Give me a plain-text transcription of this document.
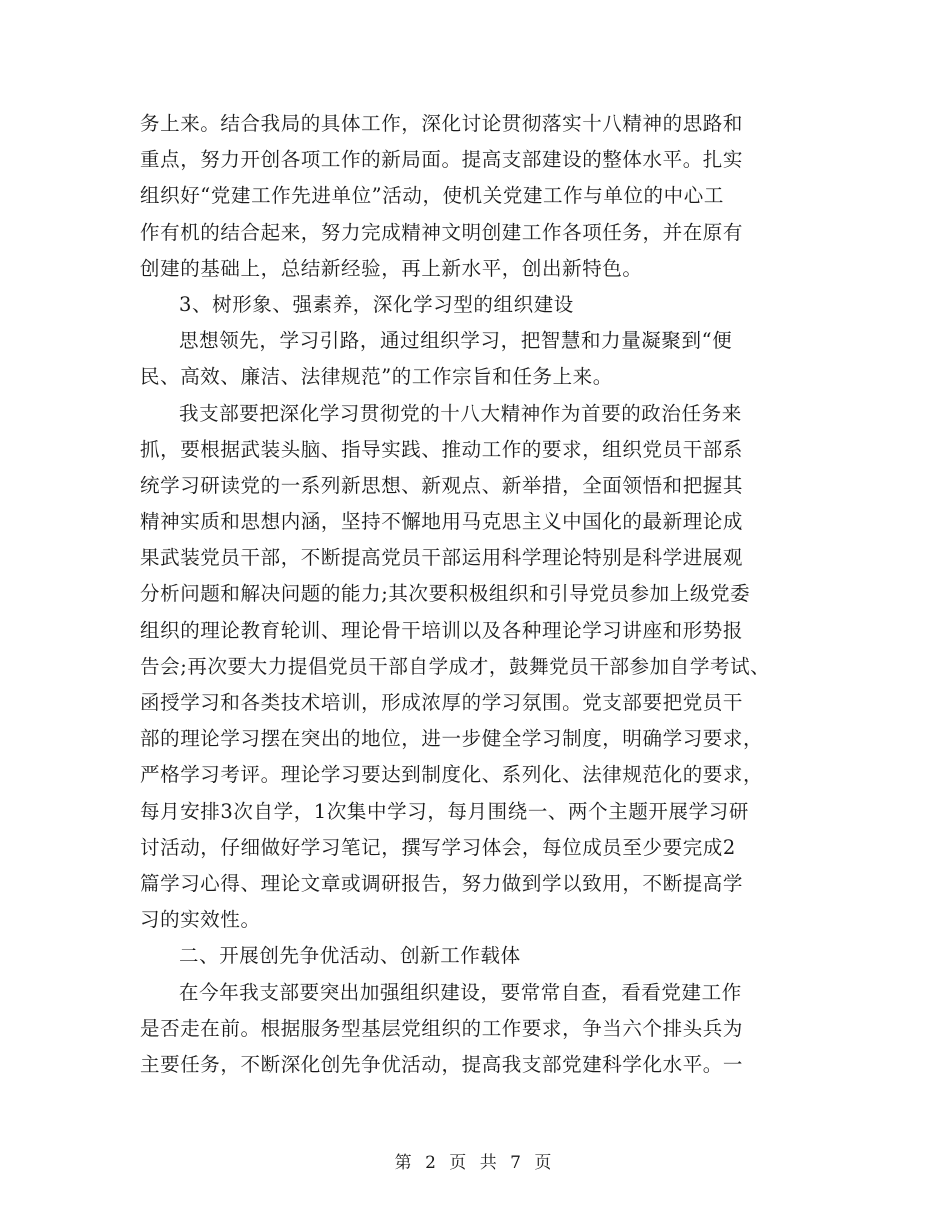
务上来。结合我局的具体工作，深化讨论贯彻落实十八精神的思路和
重点，努力开创各项工作的新局面。提高支部建设的整体水平。扎实
组织好“党建工作先进单位”活动，使机关党建工作与单位的中心工
作有机的结合起来，努力完成精神文明创建工作各项任务，并在原有
创建的基础上，总结新经验，再上新水平，创出新特色。
3、树形象、强素养，深化学习型的组织建设
思想领先，学习引路，通过组织学习，把智慧和力量凝聚到“便
民、高效、廉洁、法律规范”的工作宗旨和任务上来。
我支部要把深化学习贯彻党的十八大精神作为首要的政治任务来
抓，要根据武装头脑、指导实践、推动工作的要求，组织党员干部系
统学习研读党的一系列新思想、新观点、新举措，全面领悟和把握其
精神实质和思想内涵，坚持不懈地用马克思主义中国化的最新理论成
果武装党员干部，不断提高党员干部运用科学理论特别是科学进展观
分析问题和解决问题的能力;其次要积极组织和引导党员参加上级党委
组织的理论教育轮训、理论骨干培训以及各种理论学习讲座和形势报
告会;再次要大力提倡党员干部自学成才，鼓舞党员干部参加自学考试、
函授学习和各类技术培训，形成浓厚的学习氛围。党支部要把党员干
部的理论学习摆在突出的地位，进一步健全学习制度，明确学习要求，
严格学习考评。理论学习要达到制度化、系列化、法律规范化的要求，
每月安排3次自学，1次集中学习，每月围绕一、两个主题开展学习研
讨活动，仔细做好学习笔记，撰写学习体会，每位成员至少要完成2
篇学习心得、理论文章或调研报告，努力做到学以致用，不断提高学
习的实效性。
二、开展创先争优活动、创新工作载体
在今年我支部要突出加强组织建设，要常常自查，看看党建工作
是否走在前。根据服务型基层党组织的工作要求，争当六个排头兵为
主要任务，不断深化创先争优活动，提高我支部党建科学化水平。一
第 2 页 共 7 页
